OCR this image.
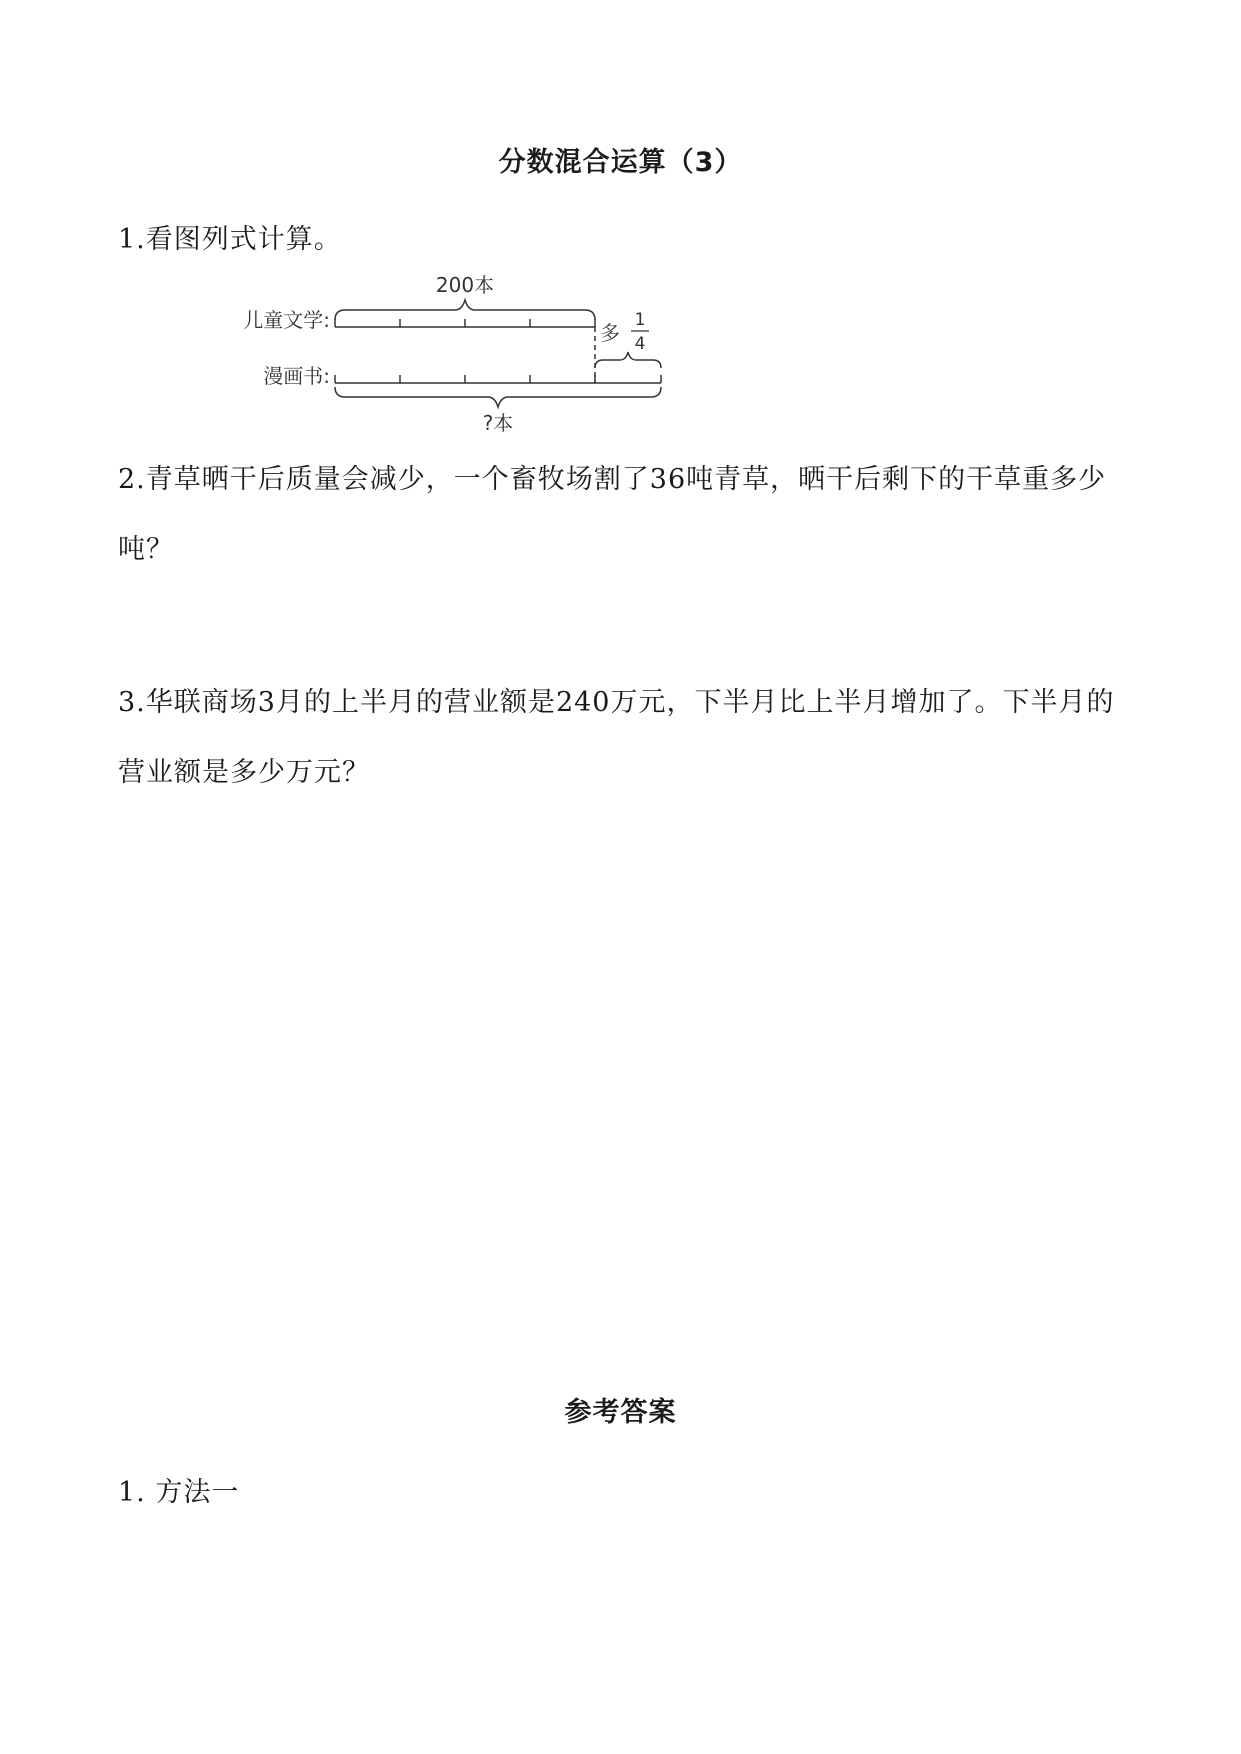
分数混合运算（3）
1.看图列式计算。
200本
儿童文学:
多
1
4
漫画书:
?本
2.青草晒干后质量会减少，一个畜牧场割了36吨青草，晒干后剩下的干草重多少吨？
3.华联商场3月的上半月的营业额是240万元，下半月比上半月增加了。下半月的营业额是多少万元？
参考答案
1. 方法一
